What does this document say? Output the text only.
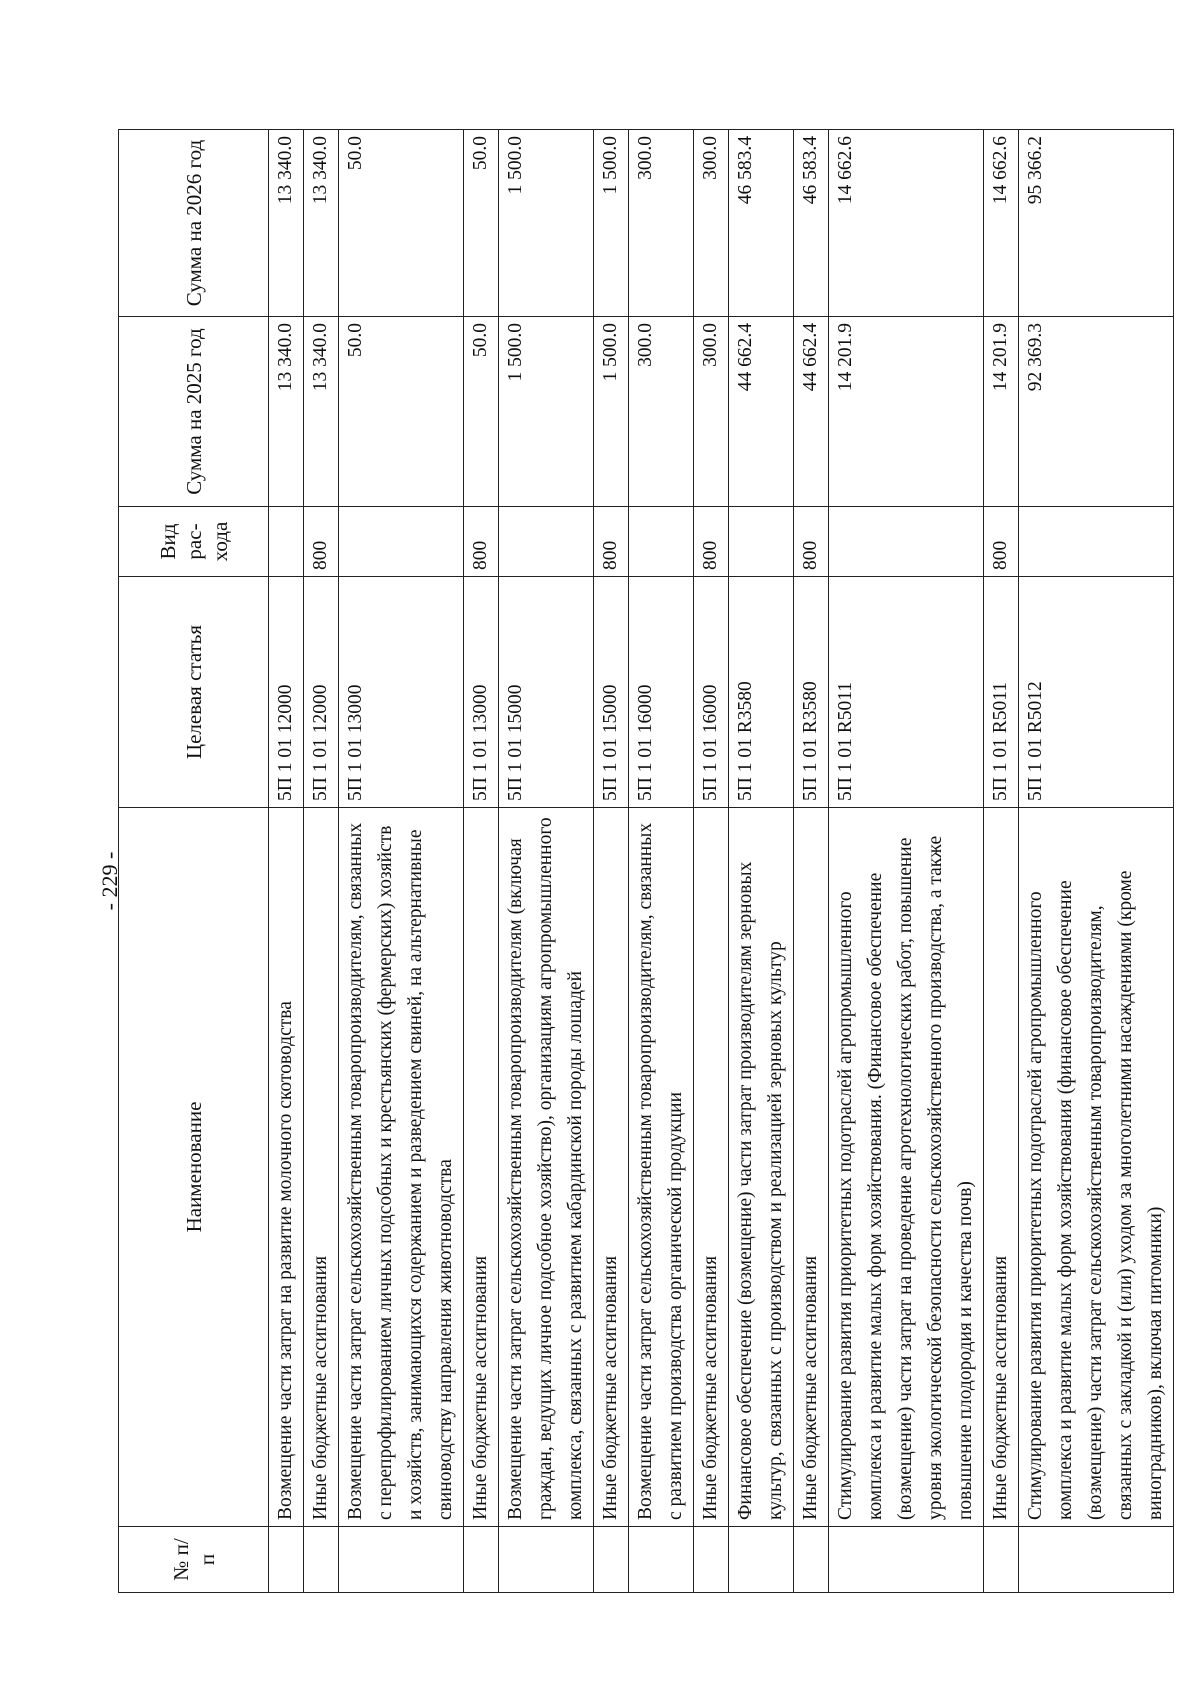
- 229 -
№ п/п	Наименование	Целевая статья	Вид рас-хода	Сумма на 2025 год	Сумма на 2026 год
	Возмещение части затрат на развитие молочного скотоводства	5П 1 01 12000		13 340.0	13 340.0
	Иные бюджетные ассигнования	5П 1 01 12000	800	13 340.0	13 340.0
	Возмещение части затрат сельскохозяйственным товаропроизводителям, связанных с перепрофилированием личных подсобных и крестьянских (фермерских) хозяйств и хозяйств, занимающихся содержанием и разведением свиней, на альтернативные свиноводству направления животноводства	5П 1 01 13000		50.0	50.0
	Иные бюджетные ассигнования	5П 1 01 13000	800	50.0	50.0
	Возмещение части затрат сельскохозяйственным товаропроизводителям (включая граждан, ведущих личное подсобное хозяйство), организациям агропромышленного комплекса, связанных с развитием кабардинской породы лошадей	5П 1 01 15000		1 500.0	1 500.0
	Иные бюджетные ассигнования	5П 1 01 15000	800	1 500.0	1 500.0
	Возмещение части затрат сельскохозяйственным товаропроизводителям, связанных с развитием производства органической продукции	5П 1 01 16000		300.0	300.0
	Иные бюджетные ассигнования	5П 1 01 16000	800	300.0	300.0
	Финансовое обеспечение (возмещение) части затрат производителям зерновых культур, связанных с производством и реализацией зерновых культур	5П 1 01 R3580		44 662.4	46 583.4
	Иные бюджетные ассигнования	5П 1 01 R3580	800	44 662.4	46 583.4
	Стимулирование развития приоритетных подотраслей агропромышленного комплекса и развитие малых форм хозяйствования. (Финансовое обеспечение (возмещение) части затрат на проведение агротехнологических работ, повышение уровня экологической безопасности сельскохозяйственного производства, а также повышение плодородия и качества почв)	5П 1 01 R5011		14 201.9	14 662.6
	Иные бюджетные ассигнования	5П 1 01 R5011	800	14 201.9	14 662.6
	Стимулирование развития приоритетных подотраслей агропромышленного комплекса и развитие малых форм хозяйствования (финансовое обеспечение (возмещение) части затрат сельскохозяйственным товаропроизводителям, связанных с закладкой и (или) уходом за многолетними насаждениями (кроме виноградников), включая питомники)	5П 1 01 R5012		92 369.3	95 366.2
